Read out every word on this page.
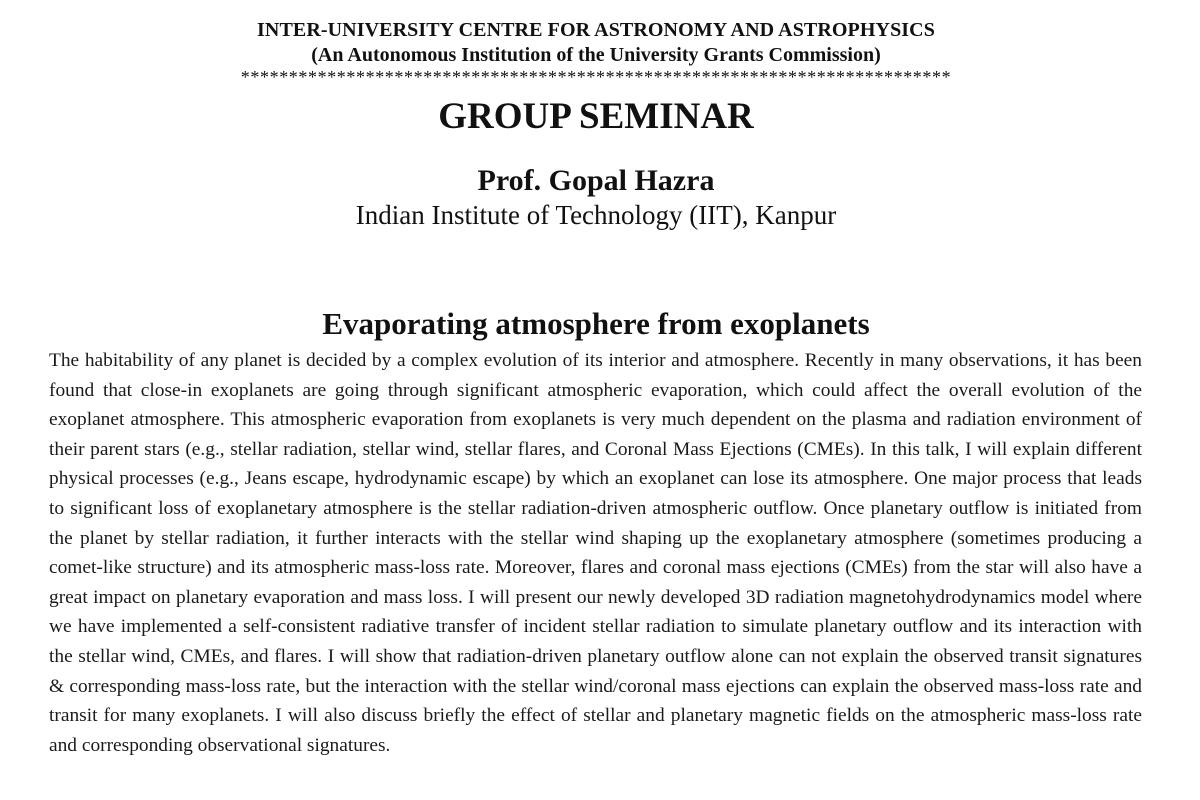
INTER-UNIVERSITY CENTRE FOR ASTRONOMY AND ASTROPHYSICS
(An Autonomous Institution of the University Grants Commission)
**************************************************************************
GROUP SEMINAR
Prof. Gopal Hazra
Indian Institute of Technology (IIT), Kanpur
Evaporating atmosphere from exoplanets

The habitability of any planet is decided by a complex evolution of its interior and atmosphere. Recently in many observations, it has been found that close-in exoplanets are going through significant atmospheric evaporation, which could affect the overall evolution of the exoplanet atmosphere. This atmospheric evaporation from exoplanets is very much dependent on the plasma and radiation environment of their parent stars (e.g., stellar radiation, stellar wind, stellar flares, and Coronal Mass Ejections (CMEs). In this talk, I will explain different physical processes (e.g., Jeans escape, hydrodynamic escape) by which an exoplanet can lose its atmosphere. One major process that leads to significant loss of exoplanetary atmosphere is the stellar radiation-driven atmospheric outflow. Once planetary outflow is initiated from the planet by stellar radiation, it further interacts with the stellar wind shaping up the exoplanetary atmosphere (sometimes producing a comet-like structure) and its atmospheric mass-loss rate. Moreover, flares and coronal mass ejections (CMEs) from the star will also have a great impact on planetary evaporation and mass loss. I will present our newly developed 3D radiation magnetohydrodynamics model where we have implemented a self-consistent radiative transfer of incident stellar radiation to simulate planetary outflow and its interaction with the stellar wind, CMEs, and flares. I will show that radiation-driven planetary outflow alone can not explain the observed transit signatures & corresponding mass-loss rate, but the interaction with the stellar wind/coronal mass ejections can explain the observed mass-loss rate and transit for many exoplanets. I will also discuss briefly the effect of stellar and planetary magnetic fields on the atmospheric mass-loss rate and corresponding observational signatures.
